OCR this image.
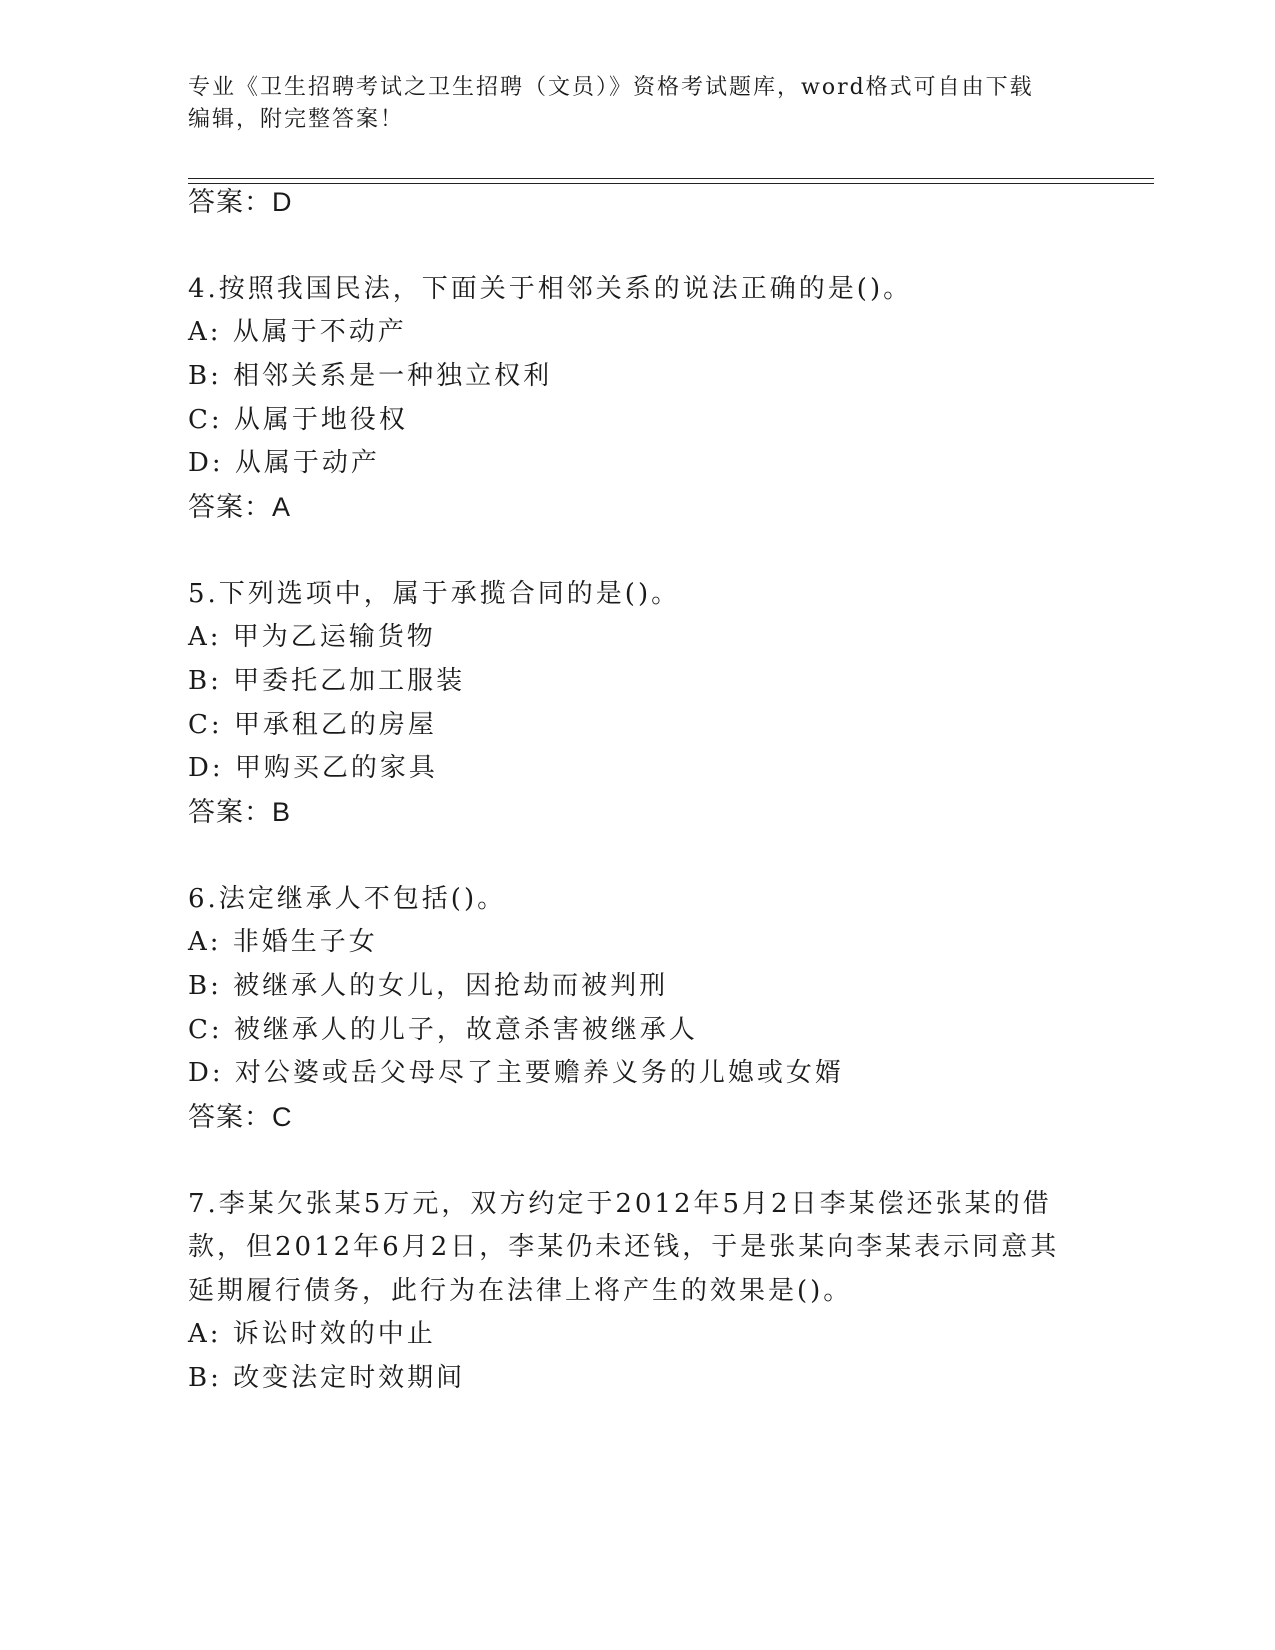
专业《卫生招聘考试之卫生招聘（文员）》资格考试题库，word格式可自由下载
编辑，附完整答案！
答案：D
4.按照我国民法，下面关于相邻关系的说法正确的是()。
A: 从属于不动产
B: 相邻关系是一种独立权利
C: 从属于地役权
D: 从属于动产
答案：A
5.下列选项中，属于承揽合同的是()。
A: 甲为乙运输货物
B: 甲委托乙加工服装
C: 甲承租乙的房屋
D: 甲购买乙的家具
答案：B
6.法定继承人不包括()。
A: 非婚生子女
B: 被继承人的女儿，因抢劫而被判刑
C: 被继承人的儿子，故意杀害被继承人
D: 对公婆或岳父母尽了主要赡养义务的儿媳或女婿
答案：C
7.李某欠张某5万元，双方约定于2012年5月2日李某偿还张某的借
款，但2012年6月2日，李某仍未还钱，于是张某向李某表示同意其
延期履行债务，此行为在法律上将产生的效果是()。
A: 诉讼时效的中止
B: 改变法定时效期间
